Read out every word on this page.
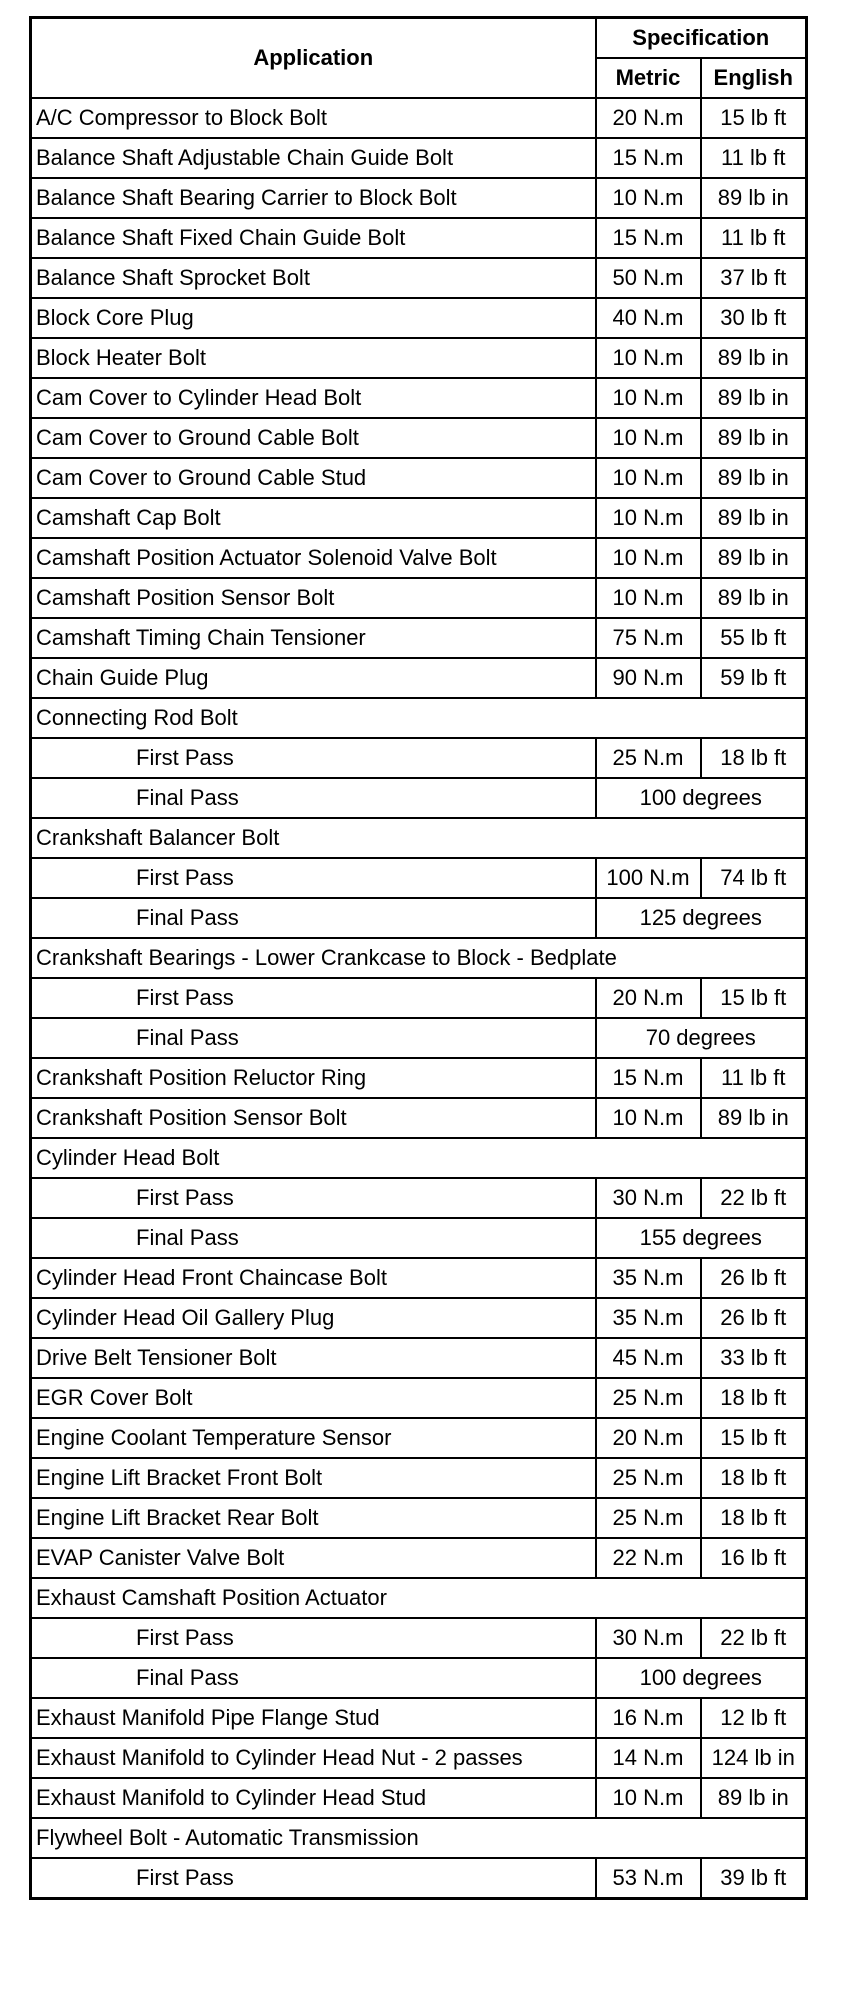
Application	Specification	
	Metric	English
A/C Compressor to Block Bolt	20 N.m	15 lb ft
Balance Shaft Adjustable Chain Guide Bolt	15 N.m	11 lb ft
Balance Shaft Bearing Carrier to Block Bolt	10 N.m	89 lb in
Balance Shaft Fixed Chain Guide Bolt	15 N.m	11 lb ft
Balance Shaft Sprocket Bolt	50 N.m	37 lb ft
Block Core Plug	40 N.m	30 lb ft
Block Heater Bolt	10 N.m	89 lb in
Cam Cover to Cylinder Head Bolt	10 N.m	89 lb in
Cam Cover to Ground Cable Bolt	10 N.m	89 lb in
Cam Cover to Ground Cable Stud	10 N.m	89 lb in
Camshaft Cap Bolt	10 N.m	89 lb in
Camshaft Position Actuator Solenoid Valve Bolt	10 N.m	89 lb in
Camshaft Position Sensor Bolt	10 N.m	89 lb in
Camshaft Timing Chain Tensioner	75 N.m	55 lb ft
Chain Guide Plug	90 N.m	59 lb ft
Connecting Rod Bolt		
First Pass	25 N.m	18 lb ft
Final Pass	100 degrees	
Crankshaft Balancer Bolt		
First Pass	100 N.m	74 lb ft
Final Pass	125 degrees	
Crankshaft Bearings - Lower Crankcase to Block - Bedplate		
First Pass	20 N.m	15 lb ft
Final Pass	70 degrees	
Crankshaft Position Reluctor Ring	15 N.m	11 lb ft
Crankshaft Position Sensor Bolt	10 N.m	89 lb in
Cylinder Head Bolt		
First Pass	30 N.m	22 lb ft
Final Pass	155 degrees	
Cylinder Head Front Chaincase Bolt	35 N.m	26 lb ft
Cylinder Head Oil Gallery Plug	35 N.m	26 lb ft
Drive Belt Tensioner Bolt	45 N.m	33 lb ft
EGR Cover Bolt	25 N.m	18 lb ft
Engine Coolant Temperature Sensor	20 N.m	15 lb ft
Engine Lift Bracket Front Bolt	25 N.m	18 lb ft
Engine Lift Bracket Rear Bolt	25 N.m	18 lb ft
EVAP Canister Valve Bolt	22 N.m	16 lb ft
Exhaust Camshaft Position Actuator		
First Pass	30 N.m	22 lb ft
Final Pass	100 degrees	
Exhaust Manifold Pipe Flange Stud	16 N.m	12 lb ft
Exhaust Manifold to Cylinder Head Nut - 2 passes	14 N.m	124 lb in
Exhaust Manifold to Cylinder Head Stud	10 N.m	89 lb in
Flywheel Bolt - Automatic Transmission		
First Pass	53 N.m	39 lb ft
